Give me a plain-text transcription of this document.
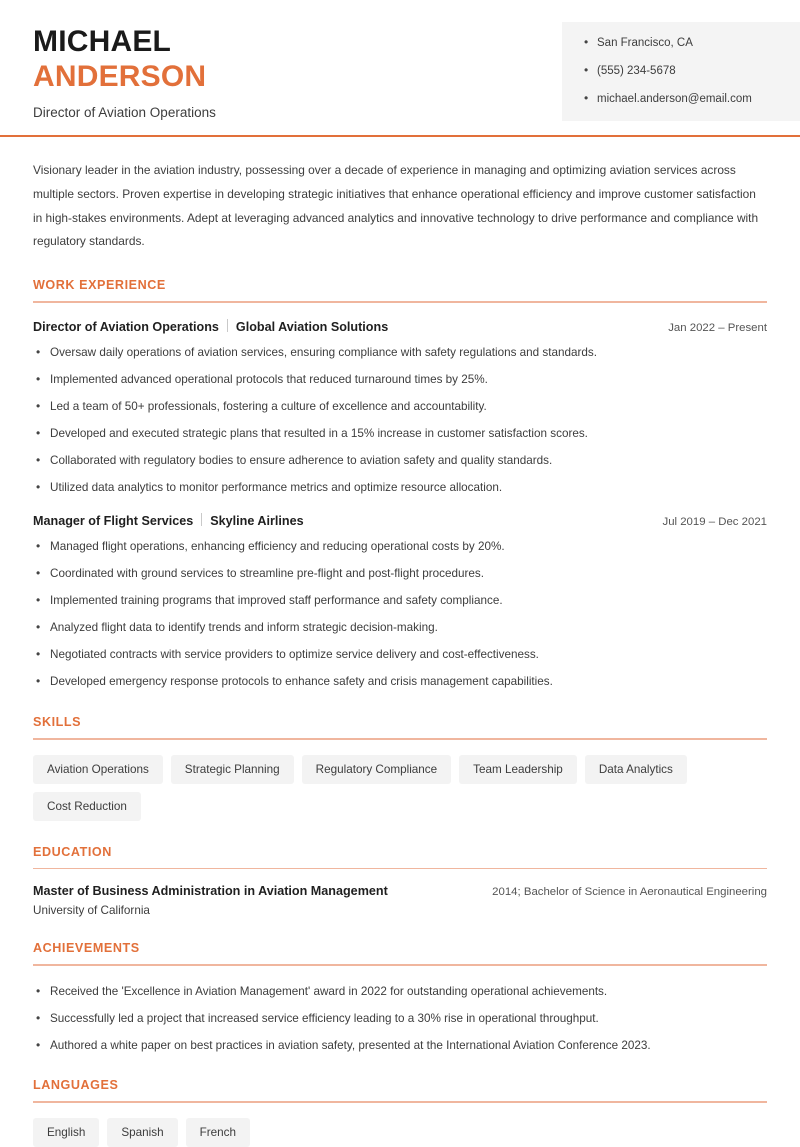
MICHAEL
ANDERSON
Director of Aviation Operations
• San Francisco, CA
• (555) 234-5678
• michael.anderson@email.com

Visionary leader in the aviation industry, possessing over a decade of experience in managing and optimizing aviation services across multiple sectors. Proven expertise in developing strategic initiatives that enhance operational efficiency and improve customer satisfaction in high-stakes environments. Adept at leveraging advanced analytics and innovative technology to drive performance and compliance with regulatory standards.

WORK EXPERIENCE
Director of Aviation Operations Global Aviation Solutions	Jan 2022 – Present
• Oversaw daily operations of aviation services, ensuring compliance with safety regulations and standards.
• Implemented advanced operational protocols that reduced turnaround times by 25%.
• Led a team of 50+ professionals, fostering a culture of excellence and accountability.
• Developed and executed strategic plans that resulted in a 15% increase in customer satisfaction scores.
• Collaborated with regulatory bodies to ensure adherence to aviation safety and quality standards.
• Utilized data analytics to monitor performance metrics and optimize resource allocation.
Manager of Flight Services Skyline Airlines	Jul 2019 – Dec 2021
• Managed flight operations, enhancing efficiency and reducing operational costs by 20%.
• Coordinated with ground services to streamline pre-flight and post-flight procedures.
• Implemented training programs that improved staff performance and safety compliance.
• Analyzed flight data to identify trends and inform strategic decision-making.
• Negotiated contracts with service providers to optimize service delivery and cost-effectiveness.
• Developed emergency response protocols to enhance safety and crisis management capabilities.
SKILLS
Aviation Operations	Strategic Planning	Regulatory Compliance	Team Leadership	Data Analytics
Cost Reduction
EDUCATION
Master of Business Administration in Aviation Management	2014; Bachelor of Science in Aeronautical Engineering
University of California
ACHIEVEMENTS
• Received the 'Excellence in Aviation Management' award in 2022 for outstanding operational achievements.
• Successfully led a project that increased service efficiency leading to a 30% rise in operational throughput.
• Authored a white paper on best practices in aviation safety, presented at the International Aviation Conference 2023.
LANGUAGES
English	Spanish	French
